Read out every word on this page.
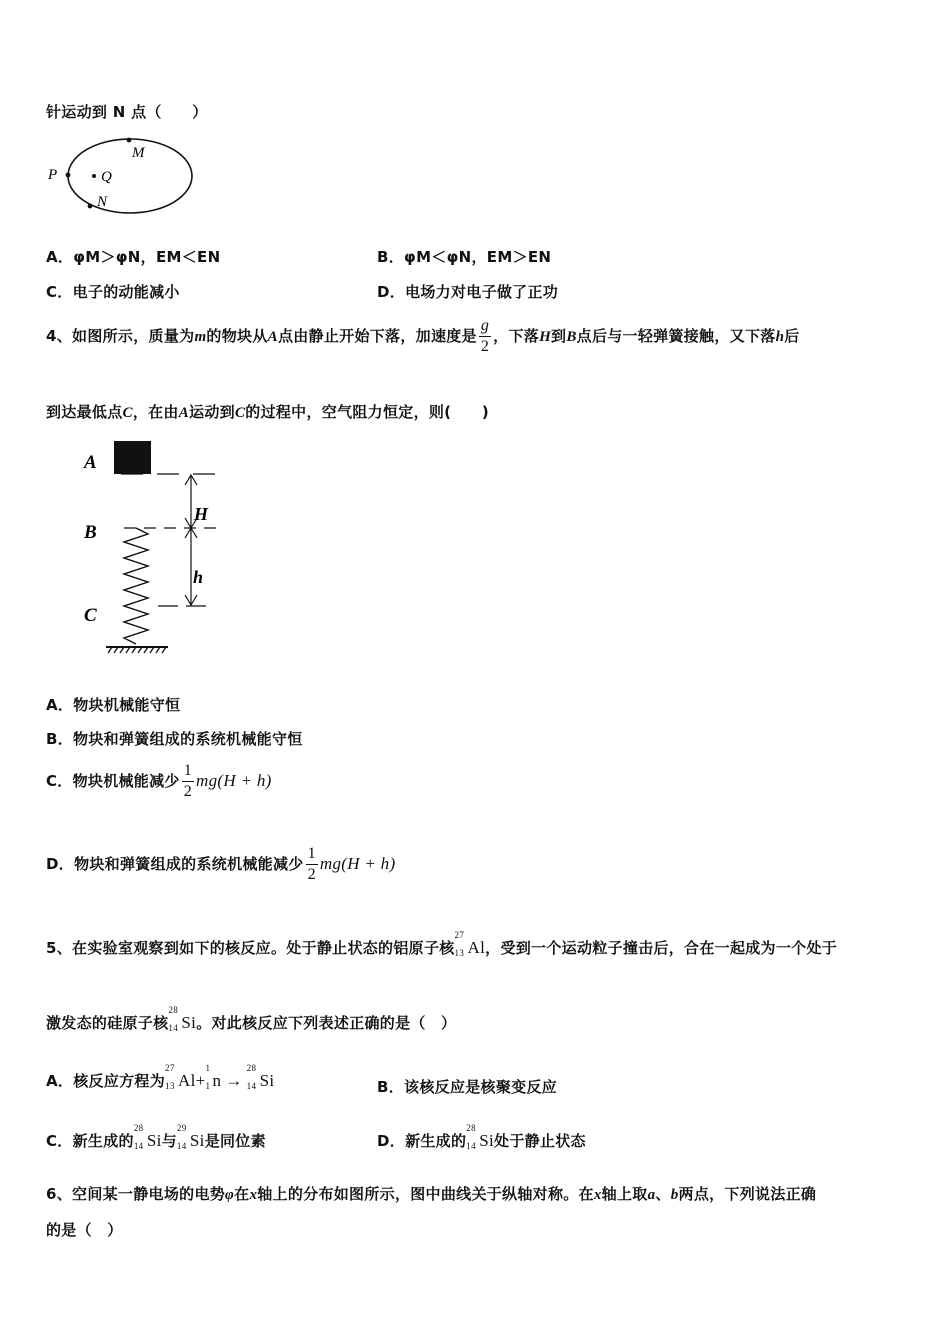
针运动到 N 点（　　）
P	Q
M
N
A．φM＞φN，EM＜EN	B．φM＜φN，EM＞EN
C．电子的动能减小	D．电场力对电子做了正功
4、如图所示，质量为m的物块从A点由静止开始下落，加速度是 $\frac{g}{2}$ ，下落H到B点后与一轻弹簧接触，又下落h后
到达最低点C，在由A运动到C的过程中，空气阻力恒定，则(　　)
A
B
C
H
h
A．物块机械能守恒
B．物块和弹簧组成的系统机械能守恒
C．物块机械能减少 $\frac{1}{2} mg(H + h)$
D．物块和弹簧组成的系统机械能减少 $\frac{1}{2} mg(H + h)$
5、在实验室观察到如下的核反应。处于静止状态的铝原子核
27
13 Al，受到一个运动粒子撞击后，合在一起成为一个处于
激发态的硅原子核
28
14 Si。对此核反应下列表述正确的是（　）
A．核反应方程为
27
13 Al+
1
1 n →
28
14 Si	B．该核反应是核聚变反应
C．新生成的
28
14 Si与
29
14 Si是同位素	D．新生成的
28
14 Si处于静止状态
6、空间某一静电场的电势φ在x轴上的分布如图所示，图中曲线关于纵轴对称。在x轴上取a、b两点，下列说法正确
的是（　）
